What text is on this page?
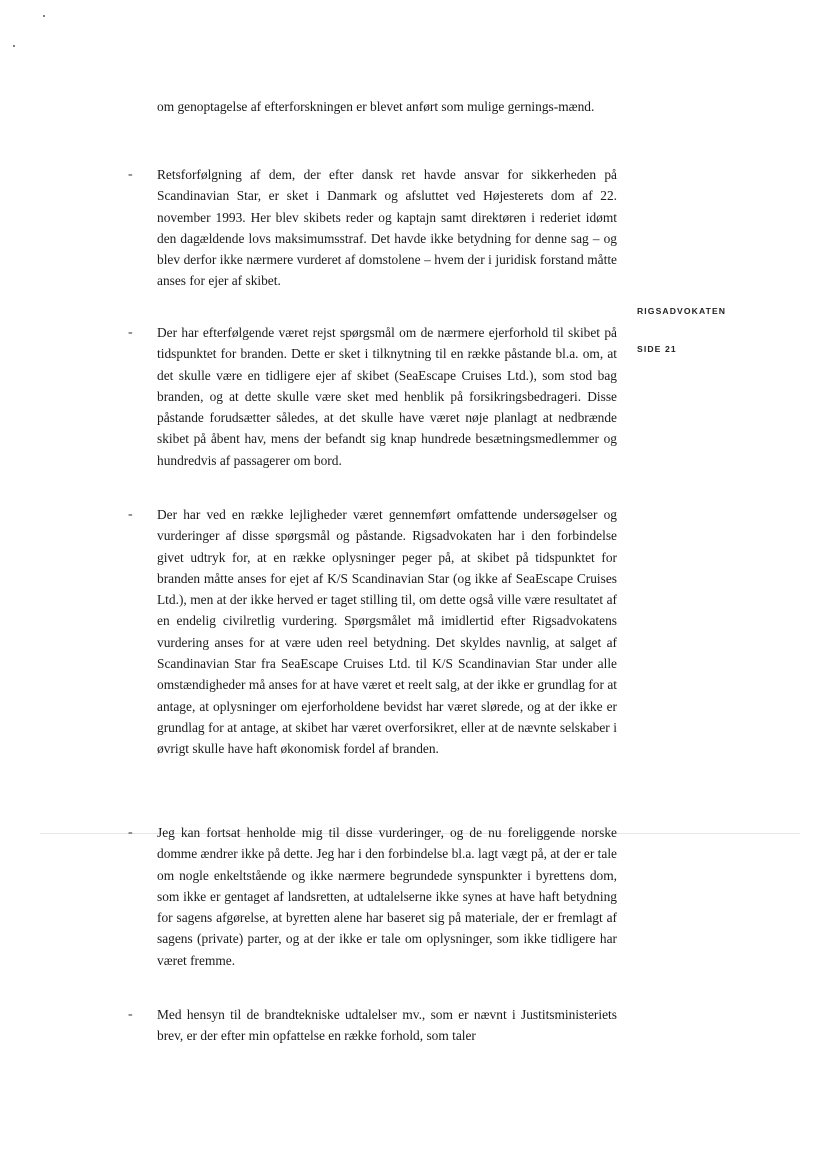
RIGSADVOKATEN
SIDE 21

om genoptagelse af efterforskningen er blevet anført som mulige gernings-mænd.

- Retsforfølgning af dem, der efter dansk ret havde ansvar for sikkerheden på Scandinavian Star, er sket i Danmark og afsluttet ved Højesterets dom af 22. november 1993. Her blev skibets reder og kaptajn samt direktøren i rederiet idømt den dagældende lovs maksimumsstraf. Det havde ikke betydning for denne sag – og blev derfor ikke nærmere vurderet af domstolene – hvem der i juridisk forstand måtte anses for ejer af skibet.

- Der har efterfølgende været rejst spørgsmål om de nærmere ejerforhold til skibet på tidspunktet for branden. Dette er sket i tilknytning til en række påstande bl.a. om, at det skulle være en tidligere ejer af skibet (SeaEscape Cruises Ltd.), som stod bag branden, og at dette skulle være sket med henblik på forsikringsbedrageri. Disse påstande forudsætter således, at det skulle have været nøje planlagt at nedbrænde skibet på åbent hav, mens der befandt sig knap hundrede besætningsmedlemmer og hundredvis af passagerer om bord.

- Der har ved en række lejligheder været gennemført omfattende undersøgelser og vurderinger af disse spørgsmål og påstande. Rigsadvokaten har i den forbindelse givet udtryk for, at en række oplysninger peger på, at skibet på tidspunktet for branden måtte anses for ejet af K/S Scandinavian Star (og ikke af SeaEscape Cruises Ltd.), men at der ikke herved er taget stilling til, om dette også ville være resultatet af en endelig civilretlig vurdering. Spørgsmålet må imidlertid efter Rigsadvokatens vurdering anses for at være uden reel betydning. Det skyldes navnlig, at salget af Scandinavian Star fra SeaEscape Cruises Ltd. til K/S Scandinavian Star under alle omstændigheder må anses for at have været et reelt salg, at der ikke er grundlag for at antage, at oplysninger om ejerforholdene bevidst har været slørede, og at der ikke er grundlag for at antage, at skibet har været overforsikret, eller at de nævnte selskaber i øvrigt skulle have haft økonomisk fordel af branden.

- Jeg kan fortsat henholde mig til disse vurderinger, og de nu foreliggende norske domme ændrer ikke på dette. Jeg har i den forbindelse bl.a. lagt vægt på, at der er tale om nogle enkeltstående og ikke nærmere begrundede synspunkter i byrettens dom, som ikke er gentaget af landsretten, at udtalelserne ikke synes at have haft betydning for sagens afgørelse, at byretten alene har baseret sig på materiale, der er fremlagt af sagens (private) parter, og at der ikke er tale om oplysninger, som ikke tidligere har været fremme.

- Med hensyn til de brandtekniske udtalelser mv., som er nævnt i Justitsministeriets brev, er der efter min opfattelse en række forhold, som taler
